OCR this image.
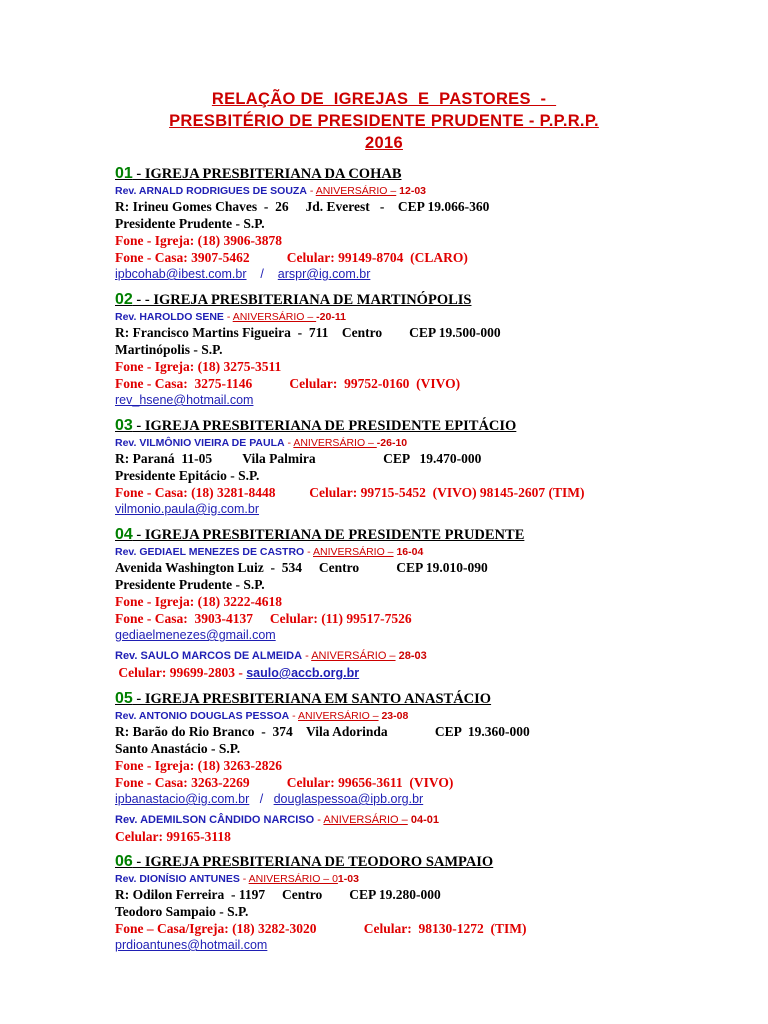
RELAÇÃO DE  IGREJAS  E  PASTORES  -
PRESBITÉRIO DE PRESIDENTE PRUDENTE - P.P.R.P.
2016
01 - IGREJA PRESBITERIANA DA COHAB
Rev. ARNALD RODRIGUES DE SOUZA - ANIVERSÁRIO – 12-03
R: Irineu Gomes Chaves  -  26     Jd. Everest   -    CEP 19.066-360
Presidente Prudente - S.P.
Fone - Igreja: (18) 3906-3878
Fone - Casa: 3907-5462           Celular: 99149-8704  (CLARO)
ipbcohab@ibest.com.br    /    arspr@ig.com.br
02 - - IGREJA PRESBITERIANA DE MARTINÓPOLIS
Rev. HAROLDO SENE - ANIVERSÁRIO – -20-11
R: Francisco Martins Figueira  -  711    Centro        CEP 19.500-000
Martinópolis - S.P.
Fone - Igreja: (18) 3275-3511
Fone - Casa:  3275-1146           Celular:  99752-0160  (VIVO)
rev_hsene@hotmail.com
03 - IGREJA PRESBITERIANA DE PRESIDENTE EPITÁCIO
Rev. VILMÔNIO VIEIRA DE PAULA - ANIVERSÁRIO – -26-10
R: Paraná  11-05         Vila Palmira                    CEP   19.470-000
Presidente Epitácio - S.P.
Fone - Casa: (18) 3281-8448          Celular: 99715-5452  (VIVO) 98145-2607 (TIM)
vilmonio.paula@ig.com.br
04 - IGREJA PRESBITERIANA DE PRESIDENTE PRUDENTE
Rev. GEDIAEL MENEZES DE CASTRO - ANIVERSÁRIO – 16-04
Avenida Washington Luiz  -  534     Centro           CEP 19.010-090
Presidente Prudente - S.P.
Fone - Igreja: (18) 3222-4618
Fone - Casa:  3903-4137     Celular: (11) 99517-7526
gediaelmenezes@gmail.com
Rev. SAULO MARCOS DE ALMEIDA - ANIVERSÁRIO – 28-03
Celular: 99699-2803 - saulo@accb.org.br
05 - IGREJA PRESBITERIANA EM SANTO ANASTÁCIO
Rev. ANTONIO DOUGLAS PESSOA - ANIVERSÁRIO – 23-08
R: Barão do Rio Branco  -  374    Vila Adorinda              CEP  19.360-000
Santo Anastácio - S.P.
Fone - Igreja: (18) 3263-2826
Fone - Casa: 3263-2269           Celular: 99656-3611  (VIVO)
ipbanastacio@ig.com.br   /   douglaspessoa@ipb.org.br
Rev. ADEMILSON CÂNDIDO NARCISO - ANIVERSÁRIO – 04-01
Celular: 99165-3118
06 - IGREJA PRESBITERIANA DE TEODORO SAMPAIO
Rev. DIONÍSIO ANTUNES - ANIVERSÁRIO – 01-03
R: Odilon Ferreira  - 1197     Centro        CEP 19.280-000
Teodoro Sampaio - S.P.
Fone – Casa/Igreja: (18) 3282-3020              Celular:  98130-1272  (TIM)
prdioantunes@hotmail.com
